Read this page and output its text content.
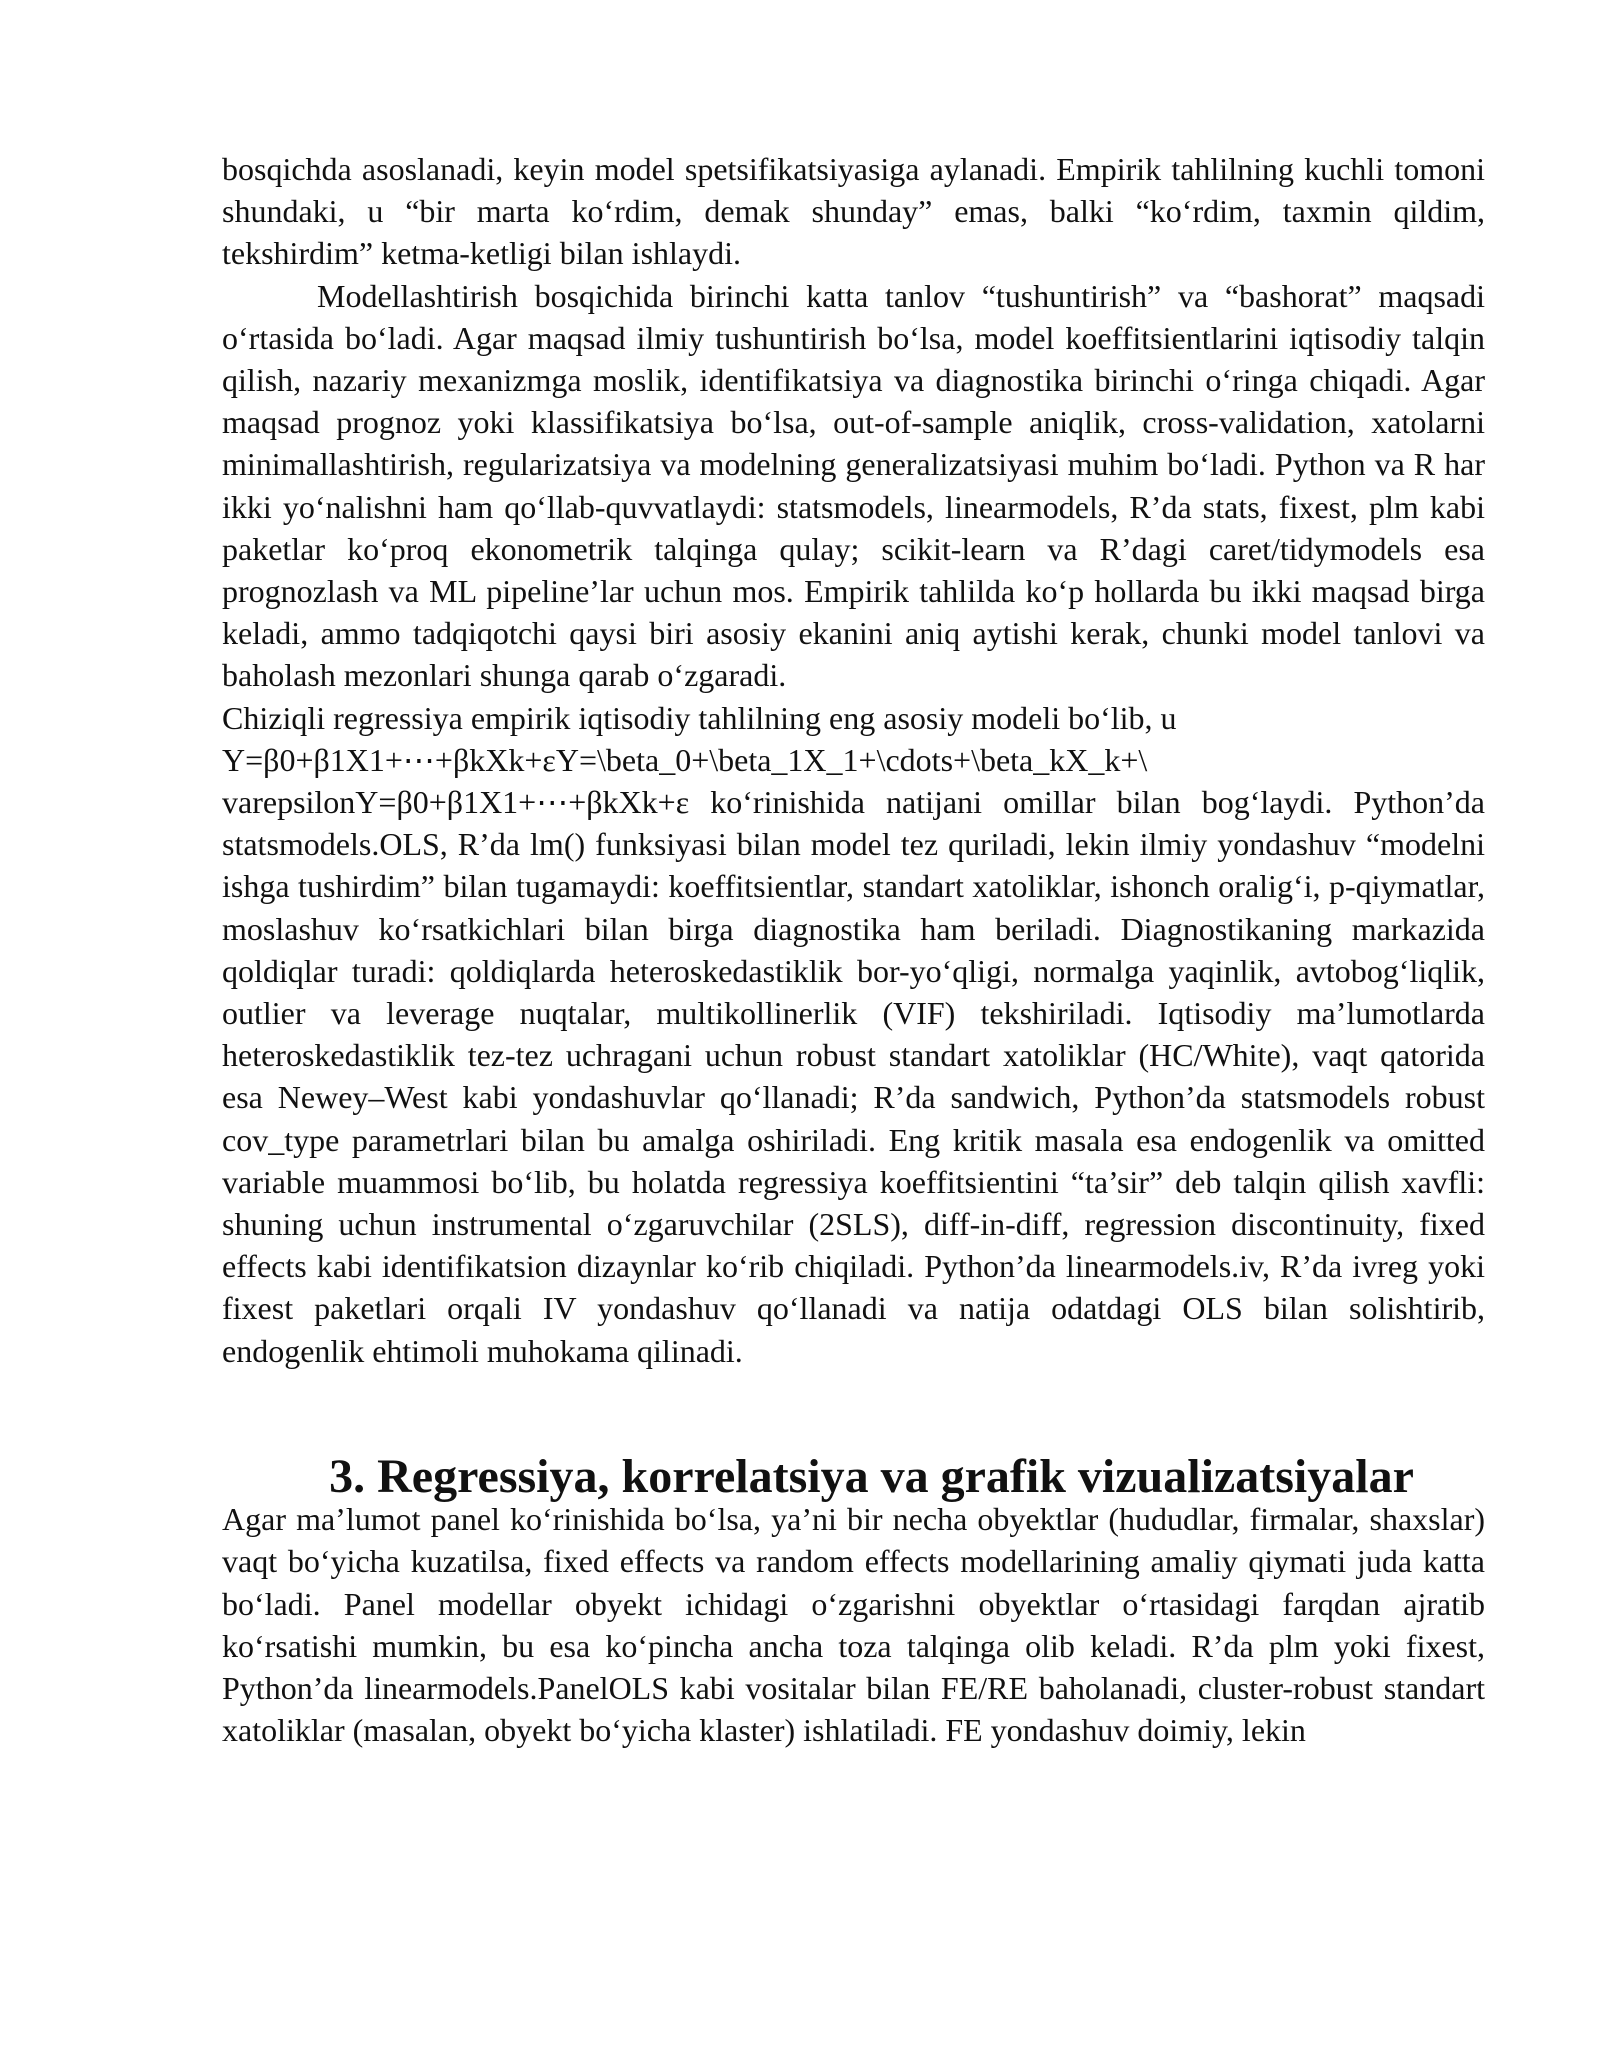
bosqichda asoslanadi, keyin model spetsifikatsiyasiga aylanadi. Empirik tahlilning kuchli tomoni shundaki, u “bir marta ko‘rdim, demak shunday” emas, balki “ko‘rdim, taxmin qildim, tekshirdim” ketma-ketligi bilan ishlaydi.

Modellashtirish bosqichida birinchi katta tanlov “tushuntirish” va “bashorat” maqsadi o‘rtasida bo‘ladi. Agar maqsad ilmiy tushuntirish bo‘lsa, model koeffitsientlarini iqtisodiy talqin qilish, nazariy mexanizmga moslik, identifikatsiya va diagnostika birinchi o‘ringa chiqadi. Agar maqsad prognoz yoki klassifikatsiya bo‘lsa, out-of-sample aniqlik, cross-validation, xatolarni minimallashtirish, regularizatsiya va modelning generalizatsiyasi muhim bo‘ladi. Python va R har ikki yo‘nalishni ham qo‘llab-quvvatlaydi: statsmodels, linearmodels, R’da stats, fixest, plm kabi paketlar ko‘proq ekonometrik talqinga qulay; scikit-learn va R’dagi caret/tidymodels esa prognozlash va ML pipeline’lar uchun mos. Empirik tahlilda ko‘p hollarda bu ikki maqsad birga keladi, ammo tadqiqotchi qaysi biri asosiy ekanini aniq aytishi kerak, chunki model tanlovi va baholash mezonlari shunga qarab o‘zgaradi.

Chiziqli regressiya empirik iqtisodiy tahlilning eng asosiy modeli bo‘lib, u

Y=β0+β1X1+⋯+βkXk+εY=\beta_0+\beta_1X_1+\cdots+\beta_kX_k+\

varepsilonY=β0+β1X1+⋯+βkXk+ε ko‘rinishida natijani omillar bilan bog‘laydi. Python’da statsmodels.OLS, R’da lm() funksiyasi bilan model tez quriladi, lekin ilmiy yondashuv “modelni ishga tushirdim” bilan tugamaydi: koeffitsientlar, standart xatoliklar, ishonch oralig‘i, p-qiymatlar, moslashuv ko‘rsatkichlari bilan birga diagnostika ham beriladi. Diagnostikaning markazida qoldiqlar turadi: qoldiqlarda heteroskedastiklik bor-yo‘qligi, normalga yaqinlik, avtobog‘liqlik, outlier va leverage nuqtalar, multikollinerlik (VIF) tekshiriladi. Iqtisodiy ma’lumotlarda heteroskedastiklik tez-tez uchragani uchun robust standart xatoliklar (HC/White), vaqt qatorida esa Newey–West kabi yondashuvlar qo‘llanadi; R’da sandwich, Python’da statsmodels robust cov_type parametrlari bilan bu amalga oshiriladi. Eng kritik masala esa endogenlik va omitted variable muammosi bo‘lib, bu holatda regressiya koeffitsientini “ta’sir” deb talqin qilish xavfli: shuning uchun instrumental o‘zgaruvchilar (2SLS), diff-in-diff, regression discontinuity, fixed effects kabi identifikatsion dizaynlar ko‘rib chiqiladi. Python’da linearmodels.iv, R’da ivreg yoki fixest paketlari orqali IV yondashuv qo‘llanadi va natija odatdagi OLS bilan solishtirib, endogenlik ehtimoli muhokama qilinadi.

3. Regressiya, korrelatsiya va grafik vizualizatsiyalar

Agar ma’lumot panel ko‘rinishida bo‘lsa, ya’ni bir necha obyektlar (hududlar, firmalar, shaxslar) vaqt bo‘yicha kuzatilsa, fixed effects va random effects modellarining amaliy qiymati juda katta bo‘ladi. Panel modellar obyekt ichidagi o‘zgarishni obyektlar o‘rtasidagi farqdan ajratib ko‘rsatishi mumkin, bu esa ko‘pincha ancha toza talqinga olib keladi. R’da plm yoki fixest, Python’da linearmodels.PanelOLS kabi vositalar bilan FE/RE baholanadi, cluster-robust standart xatoliklar (masalan, obyekt bo‘yicha klaster) ishlatiladi. FE yondashuv doimiy, lekin
